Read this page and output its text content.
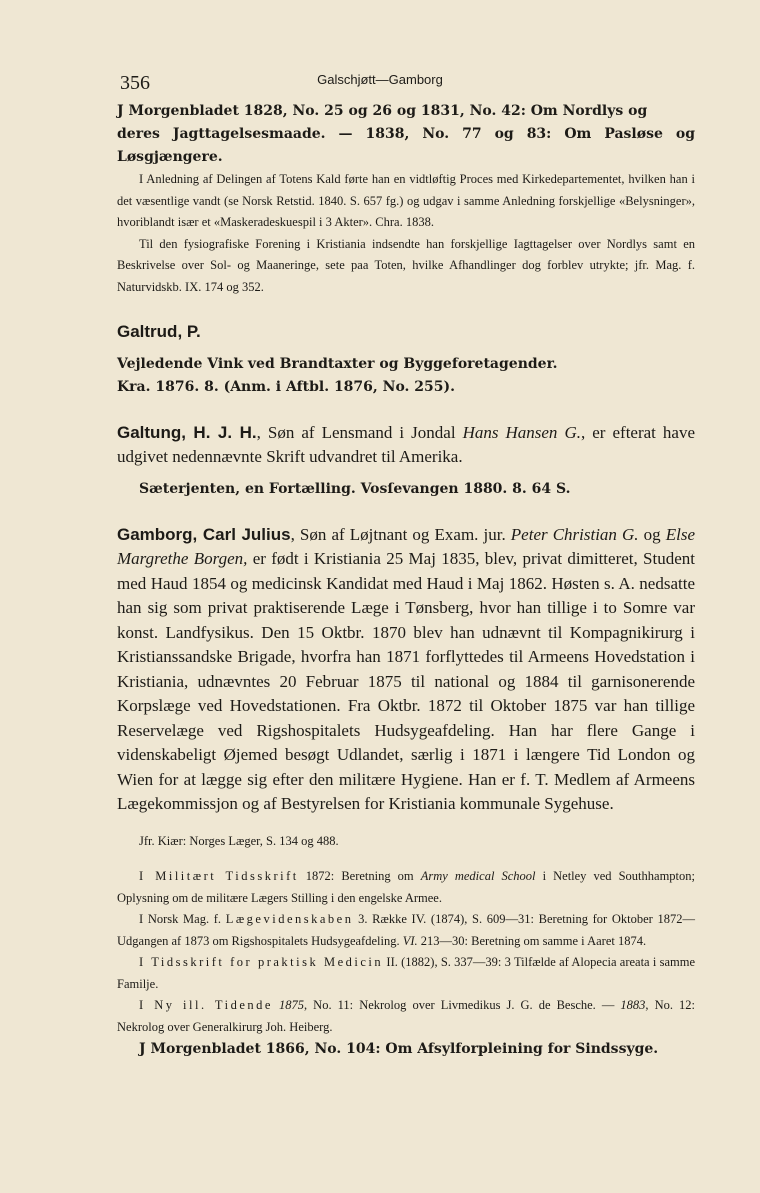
356	Galschjøtt—Gamborg

J Morgenbladet 1828, No. 25 og 26 og 1831, No. 42: Om Nordlys og

deres Jagttagelsesmaade. — 1838, No. 77 og 83: Om Pasløse og Løsgjængere.

I Anledning af Delingen af Totens Kald førte han en vidtløftig Proces med Kirkedepartementet, hvilken han i det væsentlige vandt (se Norsk Retstid. 1840. S. 657 fg.) og udgav i samme Anledning forskjellige «Belysninger», hvoriblandt især et «Maskeradeskuespil i 3 Akter». Chra. 1838.

Til den fysiografiske Forening i Kristiania indsendte han forskjellige Iagttagelser over Nordlys samt en Beskrivelse over Sol- og Maaneringe, sete paa Toten, hvilke Afhandlinger dog forblev utrykte; jfr. Mag. f. Naturvidskb. IX. 174 og 352.

Galtrud, P.

Vejledende Vink ved Brandtaxter og Byggeforetagender.

Kra. 1876. 8. (Anm. i Aftbl. 1876, No. 255).

Galtung, H. J. H., Søn af Lensmand i Jondal Hans Hansen G., er efterat have udgivet nedennævnte Skrift udvandret til Amerika.

Sæterjenten, en Fortælling. Vosſevangen 1880. 8. 64 S.

Gamborg, Carl Julius, Søn af Løjtnant og Exam. jur. Peter Christian G. og Else Margrethe Borgen, er født i Kristiania 25 Maj 1835, blev, privat dimitteret, Student med Haud 1854 og medicinsk Kandidat med Haud i Maj 1862. Høsten s. A. nedsatte han sig som privat praktiserende Læge i Tønsberg, hvor han tillige i to Somre var konst. Landfysikus. Den 15 Oktbr. 1870 blev han udnævnt til Kompagnikirurg i Kristianssandske Brigade, hvorfra han 1871 forflyttedes til Armeens Hovedstation i Kristiania, udnævntes 20 Februar 1875 til national og 1884 til garnisonerende Korpslæge ved Hovedstationen. Fra Oktbr. 1872 til Oktober 1875 var han tillige Reservelæge ved Rigshospitalets Hudsygeafdeling. Han har flere Gange i videnskabeligt Øjemed besøgt Udlandet, særlig i 1871 i længere Tid London og Wien for at lægge sig efter den militære Hygiene. Han er f. T. Medlem af Armeens Lægekommissjon og af Bestyrelsen for Kristiania kommunale Sygehuse.

Jfr. Kiær: Norges Læger, S. 134 og 488.

I Militært Tidsskrift 1872: Beretning om Army medical School i Netley ved Southhampton; Oplysning om de militære Lægers Stilling i den engelske Armee.

I Norsk Mag. f. Lægevidenskaben 3. Række IV. (1874), S. 609—31: Beretning for Oktober 1872—Udgangen af 1873 om Rigshospitalets Hudsygeafdeling. VI. 213—30: Beretning om samme i Aaret 1874.

I Tidsskrift for praktisk Medicin II. (1882), S. 337—39: 3 Tilfælde af Alopecia areata i samme Familje.

I Ny ill. Tidende 1875, No. 11: Nekrolog over Livmedikus J. G. de Besche. — 1883, No. 12: Nekrolog over Generalkirurg Joh. Heiberg.

J Morgenbladet 1866, No. 104: Om Afsylforpleining for Sindssyge.
